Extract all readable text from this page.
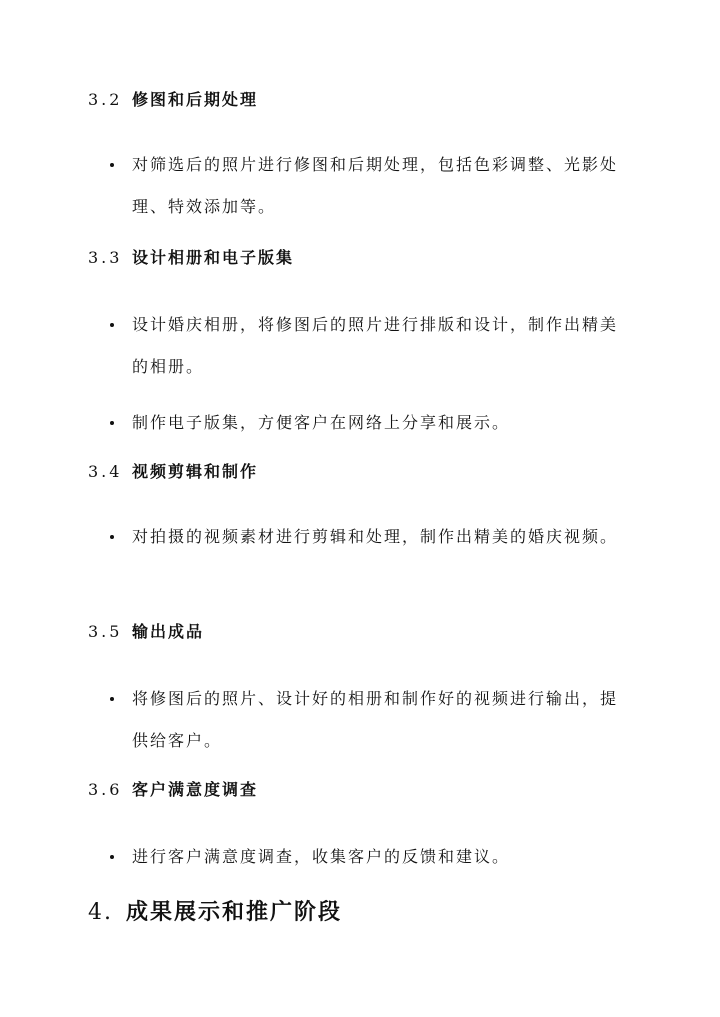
3.2 修图和后期处理
对筛选后的照片进行修图和后期处理，包括色彩调整、光影处理、特效添加等。
3.3 设计相册和电子版集
设计婚庆相册，将修图后的照片进行排版和设计，制作出精美的相册。
制作电子版集，方便客户在网络上分享和展示。
3.4 视频剪辑和制作
对拍摄的视频素材进行剪辑和处理，制作出精美的婚庆视频。
3.5 输出成品
将修图后的照片、设计好的相册和制作好的视频进行输出，提供给客户。
3.6 客户满意度调查
进行客户满意度调查，收集客户的反馈和建议。
4. 成果展示和推广阶段
